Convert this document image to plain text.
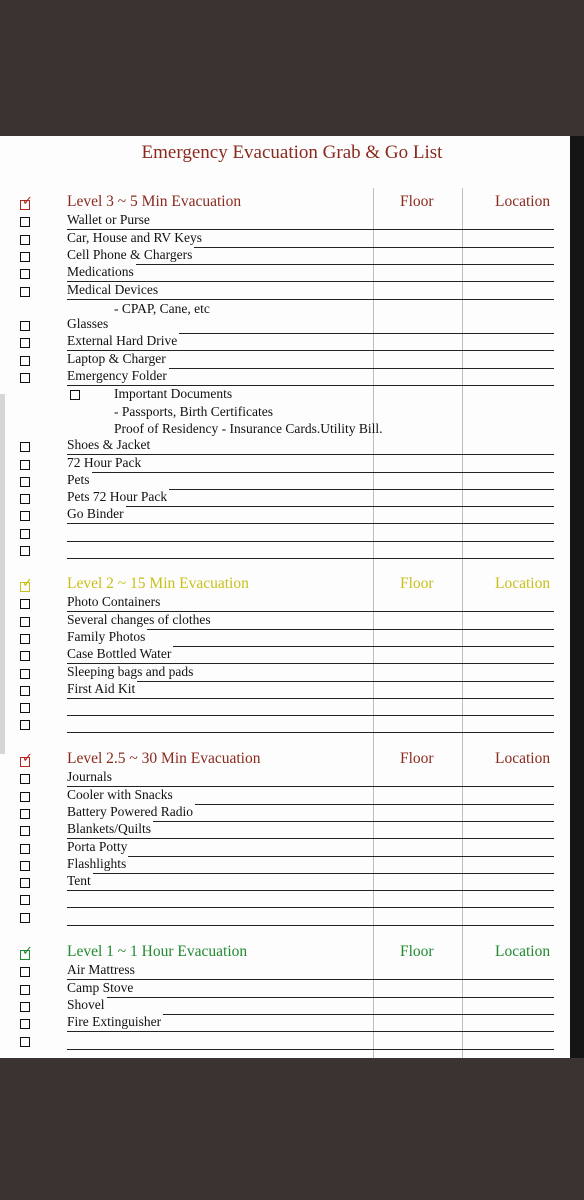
Emergency Evacuation Grab & Go List
✓ Level 3 ~ 5 Min Evacuation	Floor	Location
Wallet or Purse
Car, House and RV Keys
Cell Phone & Chargers
Medications
Medical Devices
- CPAP, Cane, etc
Glasses
External Hard Drive
Laptop & Charger
Emergency Folder
Important Documents
- Passports, Birth Certificates
Proof of Residency - Insurance Cards.Utility Bill.
Shoes & Jacket
72 Hour Pack
Pets
Pets 72 Hour Pack
Go Binder
✓ Level 2 ~ 15 Min Evacuation	Floor	Location
Photo Containers
Several changes of clothes
Family Photos
Case Bottled Water
Sleeping bags and pads
First Aid Kit
✓ Level 2.5 ~ 30 Min Evacuation	Floor	Location
Journals
Cooler with Snacks
Battery Powered Radio
Blankets/Quilts
Porta Potty
Flashlights
Tent
✓ Level 1 ~ 1 Hour Evacuation	Floor	Location
Air Mattress
Camp Stove
Shovel
Fire Extinguisher
